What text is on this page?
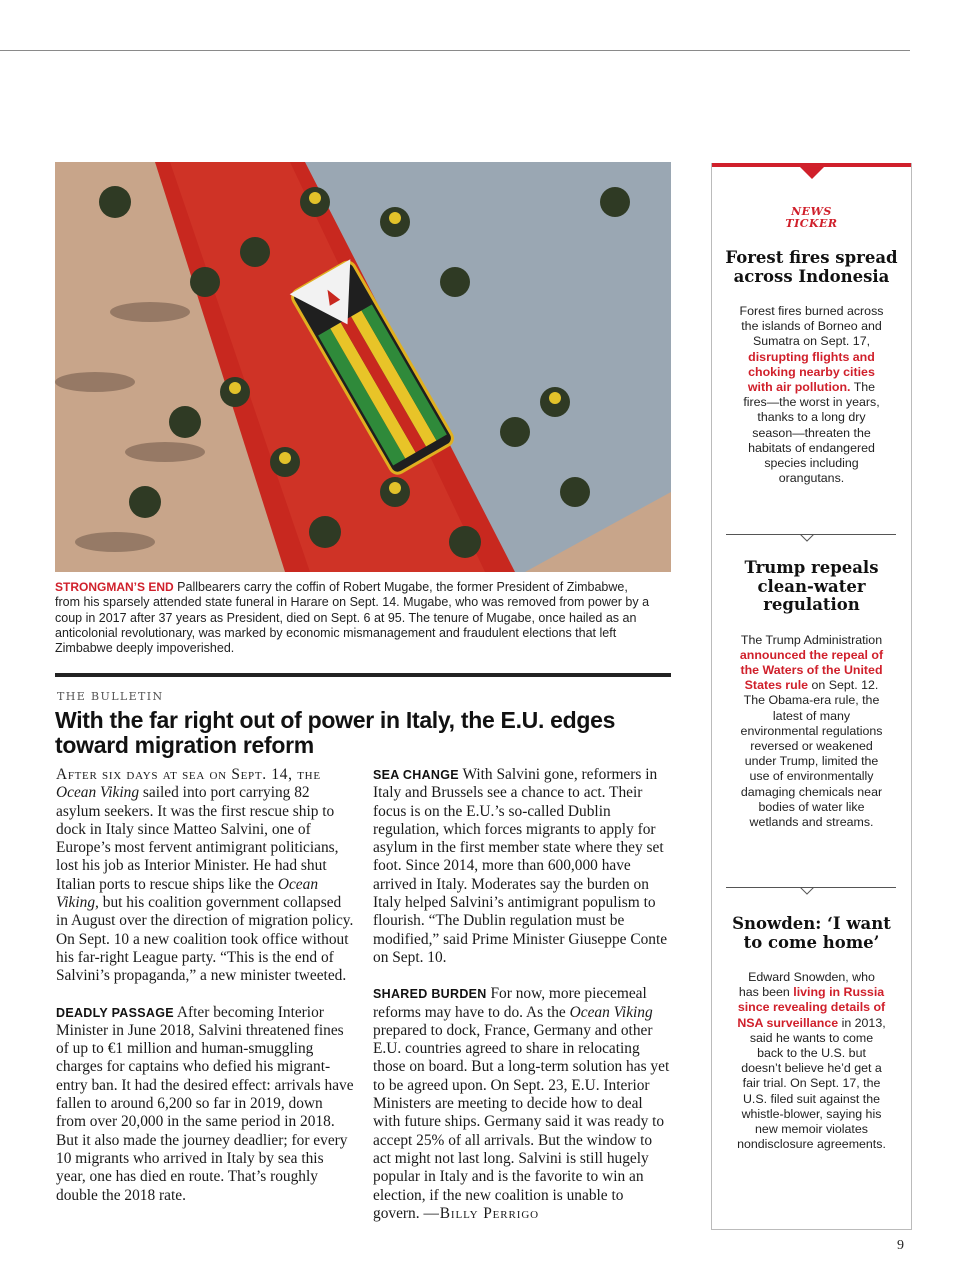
STRONGMAN’S END Pallbearers carry the coffin of Robert Mugabe, the former President of Zimbabwe, from his sparsely attended state funeral in Harare on Sept. 14. Mugabe, who was removed from power by a coup in 2017 after 37 years as President, died on Sept. 6 at 95. The tenure of Mugabe, once hailed as an anticolonial revolutionary, was marked by economic mismanagement and fraudulent elections that left Zimbabwe deeply impoverished.
THE BULLETIN
With the far right out of power in Italy, the E.U. edges toward migration reform

After six days at sea on Sept. 14, the Ocean Viking sailed into port carrying 82 asylum seekers. It was the first rescue ship to dock in Italy since Matteo Salvini, one of Europe’s most fervent antimigrant politicians, lost his job as Interior Minister. He had shut Italian ports to rescue ships like the Ocean Viking, but his coalition government collapsed in August over the direction of migration policy. On Sept. 10 a new coalition took office without his far-right League party. “This is the end of Salvini’s propaganda,” a new minister tweeted.

DEADLY PASSAGE After becoming Interior Minister in June 2018, Salvini threatened fines of up to €1 million and human-smuggling charges for captains who defied his migrant-entry ban. It had the desired effect: arrivals have fallen to around 6,200 so far in 2019, down from over 20,000 in the same period in 2018. But it also made the journey deadlier; for every 10 migrants who arrived in Italy by sea this year, one has died en route. That’s roughly double the 2018 rate.

SEA CHANGE With Salvini gone, reformers in Italy and Brussels see a chance to act. Their focus is on the E.U.’s so-called Dublin regulation, which forces migrants to apply for asylum in the first member state where they set foot. Since 2014, more than 600,000 have arrived in Italy. Moderates say the burden on Italy helped Salvini’s antimigrant populism to flourish. “The Dublin regulation must be modified,” said Prime Minister Giuseppe Conte on Sept. 10.

SHARED BURDEN For now, more piecemeal reforms may have to do. As the Ocean Viking prepared to dock, France, Germany and other E.U. countries agreed to share in relocating those on board. But a long-term solution has yet to be agreed upon. On Sept. 23, E.U. Interior Ministers are meeting to decide how to deal with future ships. Germany said it was ready to accept 25% of all arrivals. But the window to act might not last long. Salvini is still hugely popular in Italy and is the favorite to win an election, if the new coalition is unable to govern. —Billy Perrigo

NEWS TICKER
Forest fires spread across Indonesia
Forest fires burned across the islands of Borneo and Sumatra on Sept. 17, disrupting flights and choking nearby cities with air pollution. The fires—the worst in years, thanks to a long dry season—threaten the habitats of endangered species including orangutans.
Trump repeals clean-water regulation
The Trump Administration announced the repeal of the Waters of the United States rule on Sept. 12. The Obama-era rule, the latest of many environmental regulations reversed or weakened under Trump, limited the use of environmentally damaging chemicals near bodies of water like wetlands and streams.
Snowden: ‘I want to come home’
Edward Snowden, who has been living in Russia since revealing details of NSA surveillance in 2013, said he wants to come back to the U.S. but doesn’t believe he’d get a fair trial. On Sept. 17, the U.S. filed suit against the whistle-blower, saying his new memoir violates nondisclosure agreements.
9
